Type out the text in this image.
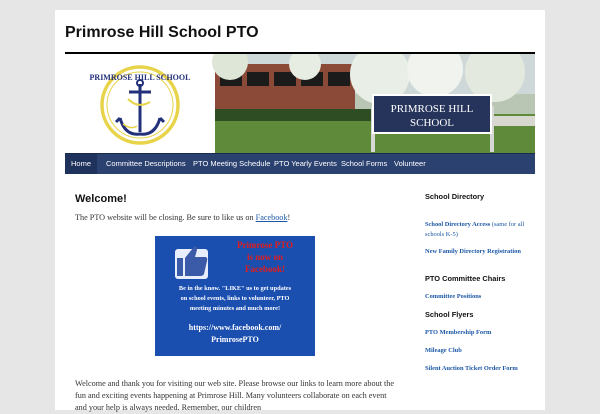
Primrose Hill School PTO
PRIMROSE HILL SCHOOL
PRIMROSE HILL
SCHOOL
Home	Committee Descriptions PTO Meeting Schedule PTO Yearly Events School Forms Volunteer
Welcome!
The PTO website will be closing. Be sure to like us on Facebook!
Primrose PTO
is now on
Facebook!
Be in the know. "LIKE" us to get updates
on school events, links to volunteer, PTO
meeting minutes and much more!
https://www.facebook.com/
PrimrosePTO

Welcome and thank you for visiting our web site. Please browse our links to learn more about the fun and exciting events happening at Primrose Hill. Many volunteers collaborate on each event and your help is always needed. Remember, our children

School Directory
School Directory Access (same for all schools K-5)
New Family Directory Registration
PTO Committee Chairs
Committee Positions
School Flyers
PTO Membership Form
Mileage Club
Silent Auction Ticket Order Form
